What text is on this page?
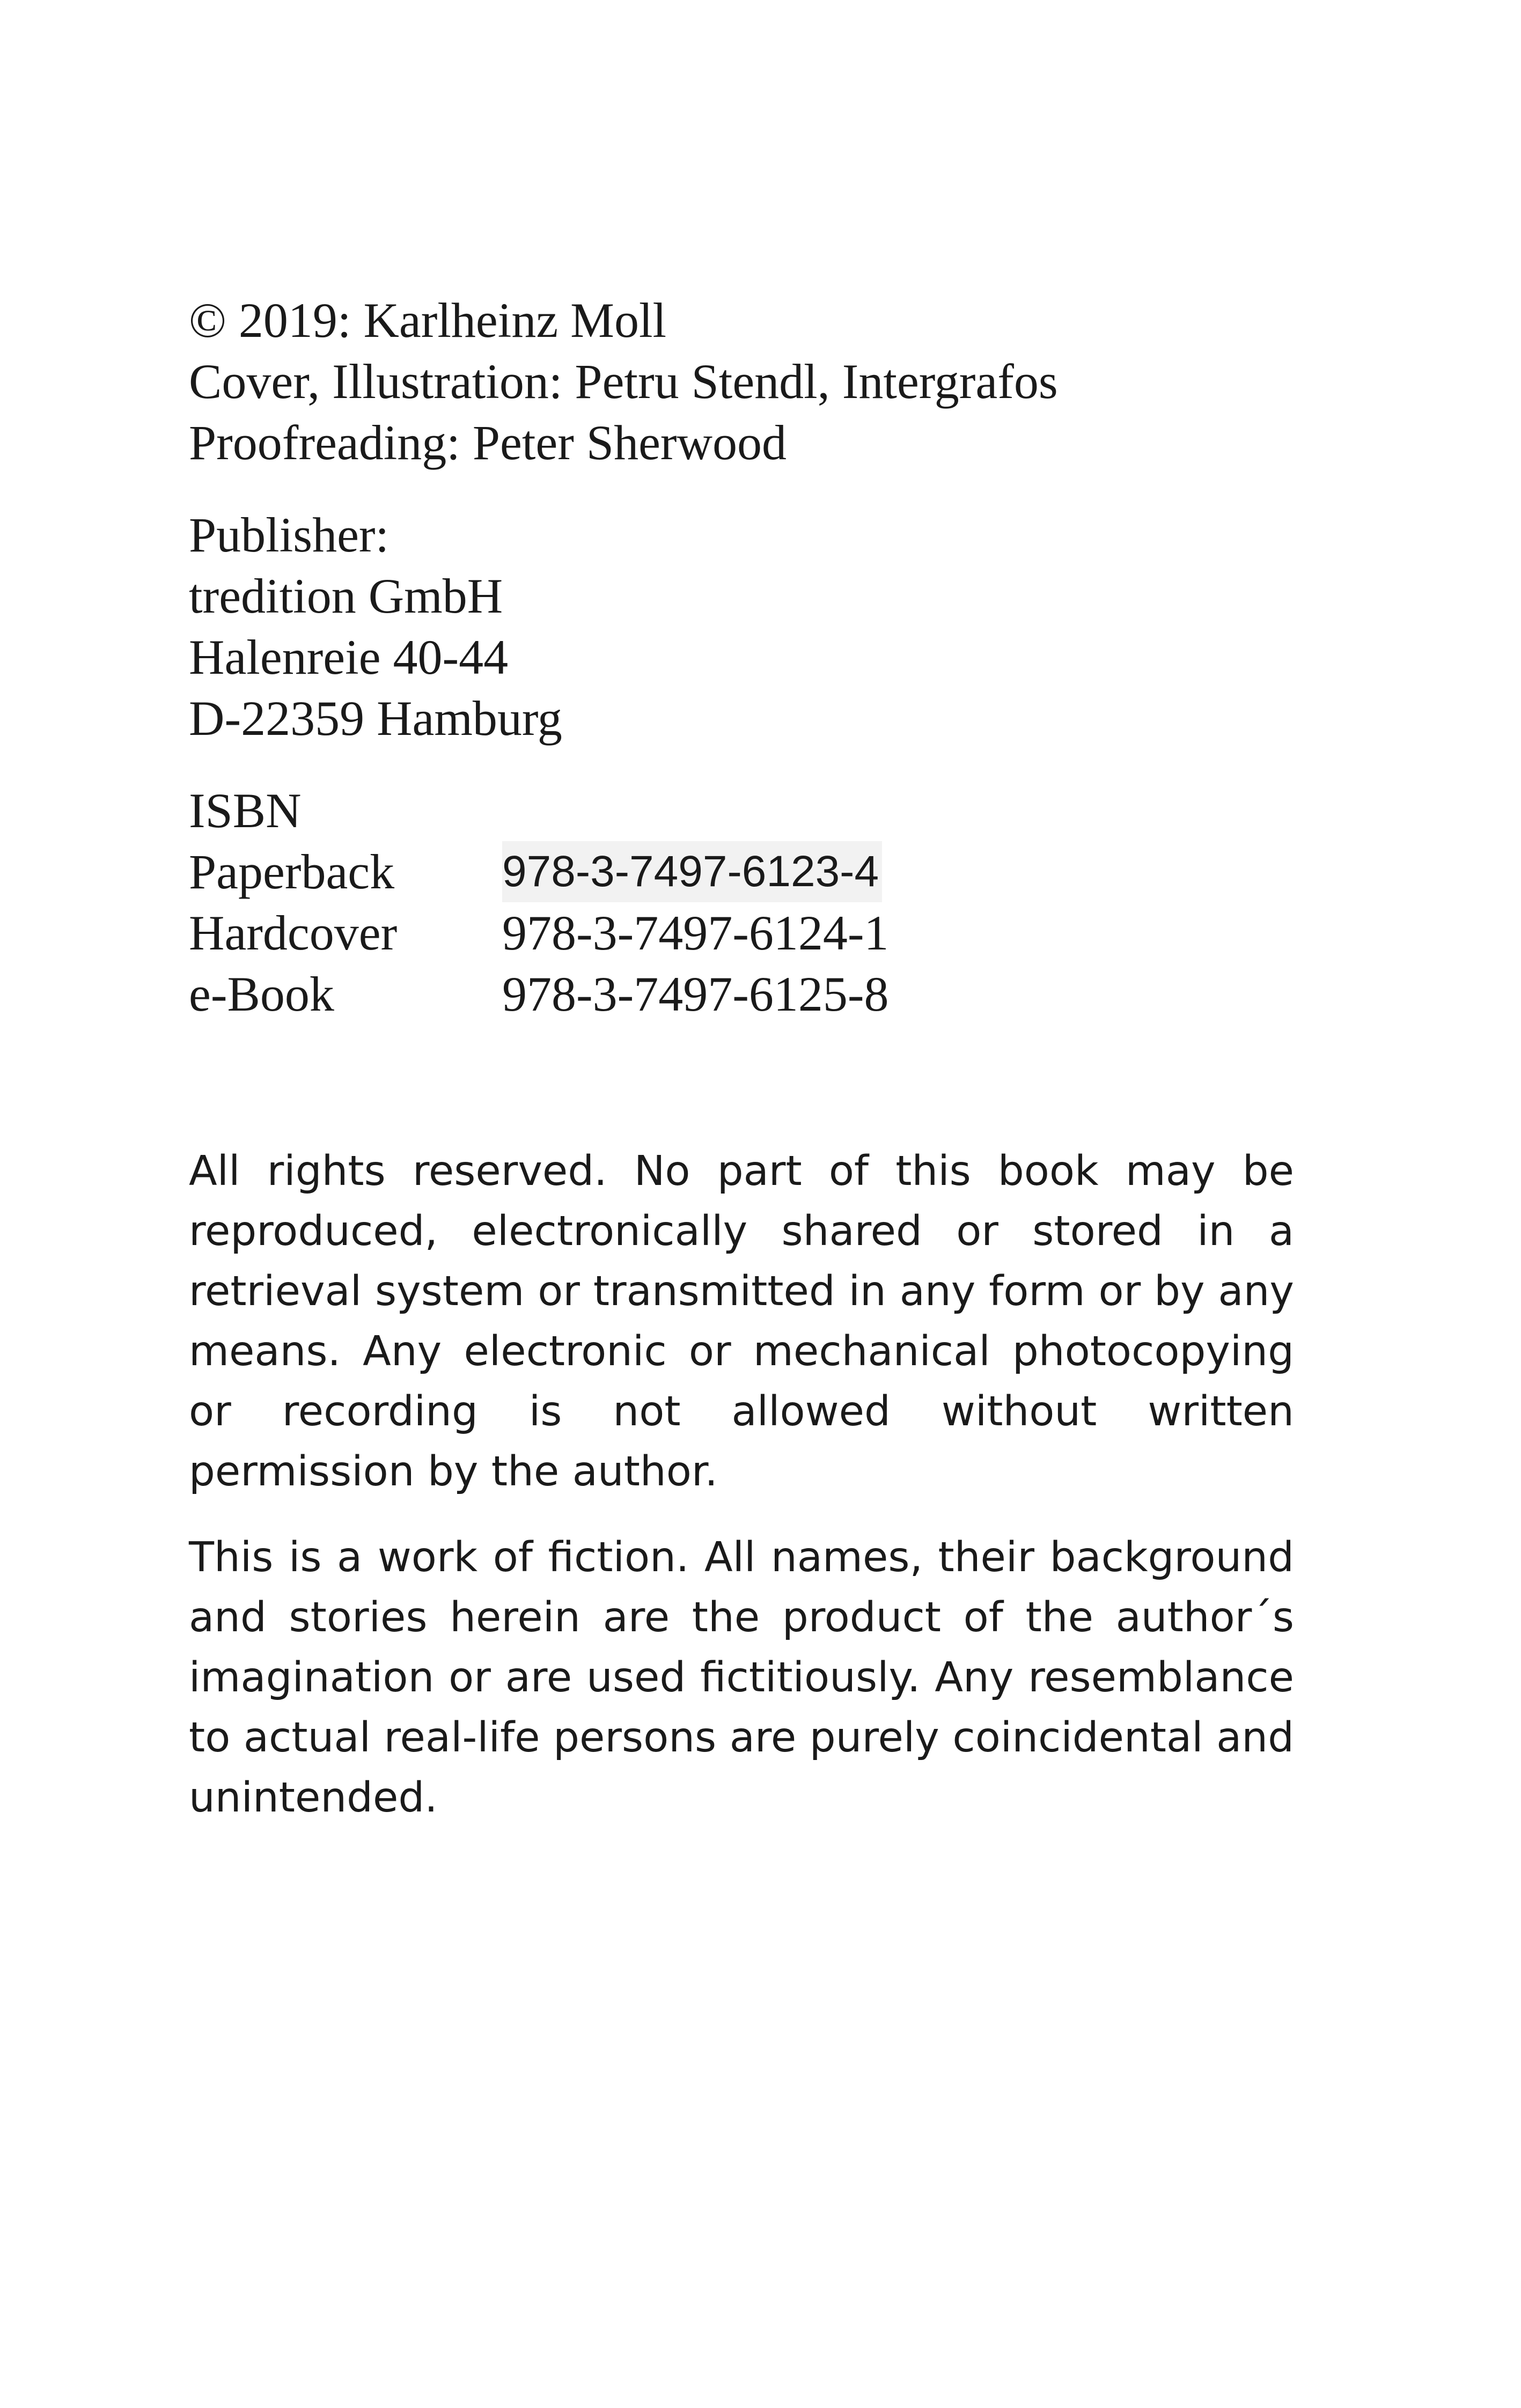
© 2019: Karlheinz Moll

Cover, Illustration: Petru Stendl, Intergrafos

Proofreading: Peter Sherwood

Publisher:

tredition GmbH

Halenreie 40-44

D-22359 Hamburg

ISBN

Paperback	978-3-7497-6123-4
Hardcover	978-3-7497-6124-1
e-Book	978-3-7497-6125-8

All rights reserved. No part of this book may be reproduced, electronically shared or stored in a retrieval system or transmitted in any form or by any means. Any electronic or mechanical photocopying or recording is not allowed without written permission by the author.

This is a work of fiction. All names, their background and stories herein are the product of the author´s imagination or are used fictitiously. Any resemblance to actual real-life persons are purely coincidental and unintended.
